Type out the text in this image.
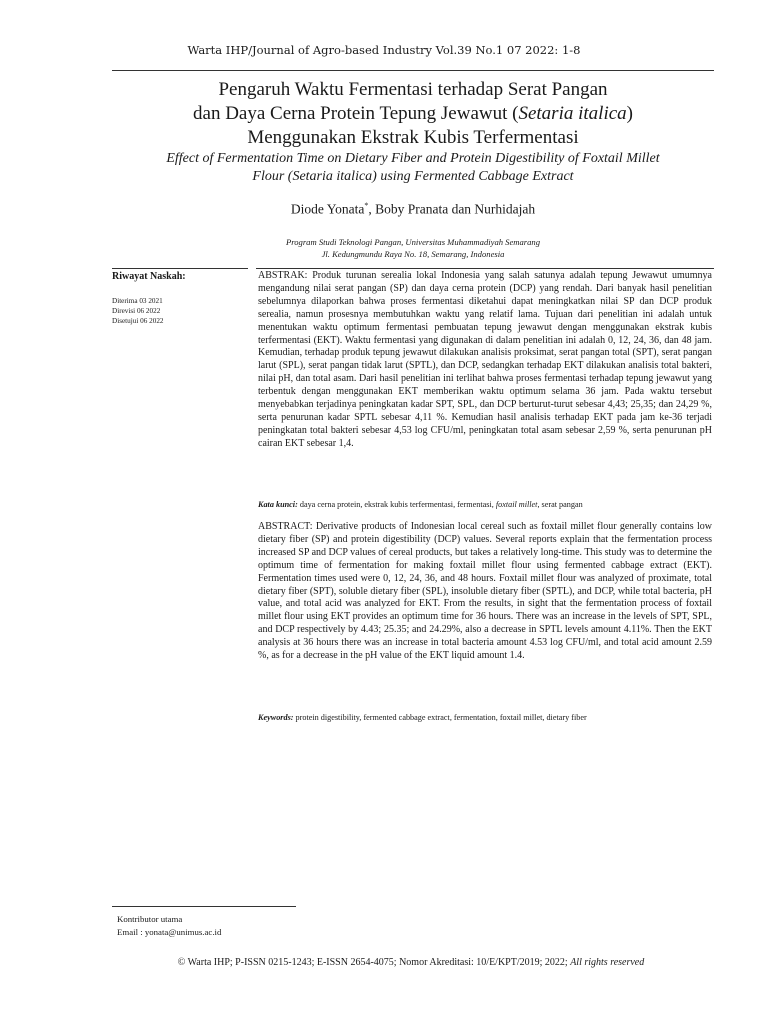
Warta IHP/Journal of Agro-based Industry Vol.39 No.1 07 2022: 1-8
Pengaruh Waktu Fermentasi terhadap Serat Pangan
dan Daya Cerna Protein Tepung Jewawut (Setaria italica)
Menggunakan Ekstrak Kubis Terfermentasi
Effect of Fermentation Time on Dietary Fiber and Protein Digestibility of Foxtail Millet
Flour (Setaria italica) using Fermented Cabbage Extract
Diode Yonata*, Boby Pranata dan Nurhidajah
Program Studi Teknologi Pangan, Universitas Muhammadiyah Semarang
Jl. Kedungmundu Raya No. 18, Semarang, Indonesia
Riwayat Naskah:
Diterima 03 2021
Direvisi 06 2022
Disetujui 06 2022
ABSTRAK: Produk turunan serealia lokal Indonesia yang salah satunya adalah tepung Jewawut umumnya mengandung nilai serat pangan (SP) dan daya cerna protein (DCP) yang rendah. Dari banyak hasil penelitian sebelumnya dilaporkan bahwa proses fermentasi diketahui dapat meningkatkan nilai SP dan DCP produk serealia, namun prosesnya membutuhkan waktu yang relatif lama. Tujuan dari penelitian ini adalah untuk menentukan waktu optimum fermentasi pembuatan tepung jewawut dengan menggunakan ekstrak kubis terfermentasi (EKT). Waktu fermentasi yang digunakan di dalam penelitian ini adalah 0, 12, 24, 36, dan 48 jam. Kemudian, terhadap produk tepung jewawut dilakukan analisis proksimat, serat pangan total (SPT), serat pangan larut (SPL), serat pangan tidak larut (SPTL), dan DCP, sedangkan terhadap EKT dilakukan analisis total bakteri, nilai pH, dan total asam. Dari hasil penelitian ini terlihat bahwa proses fermentasi terhadap tepung jewawut yang terbentuk dengan menggunakan EKT memberikan waktu optimum selama 36 jam. Pada waktu tersebut menyebabkan terjadinya peningkatan kadar SPT, SPL, dan DCP berturut-turut sebesar 4,43; 25,35; dan 24,29 %, serta penurunan kadar SPTL sebesar 4,11 %. Kemudian hasil analisis terhadap EKT pada jam ke-36 terjadi peningkatan total bakteri sebesar 4,53 log CFU/ml, peningkatan total asam sebesar 2,59 %, serta penurunan pH cairan EKT sebesar 1,4.
Kata kunci: daya cerna protein, ekstrak kubis terfermentasi, fermentasi, foxtail millet, serat pangan
ABSTRACT: Derivative products of Indonesian local cereal such as foxtail millet flour generally contains low dietary fiber (SP) and protein digestibility (DCP) values. Several reports explain that the fermentation process increased SP and DCP values of cereal products, but takes a relatively long-time. This study was to determine the optimum time of fermentation for making foxtail millet flour using fermented cabbage extract (EKT). Fermentation times used were 0, 12, 24, 36, and 48 hours. Foxtail millet flour was analyzed of proximate, total dietary fiber (SPT), soluble dietary fiber (SPL), insoluble dietary fiber (SPTL), and DCP, while total bacteria, pH value, and total acid was analyzed for EKT. From the results, in sight that the fermentation process of foxtail millet flour using EKT provides an optimum time for 36 hours. There was an increase in the levels of SPT, SPL, and DCP respectively by 4.43; 25.35; and 24.29%, also a decrease in SPTL levels amount 4.11%. Then the EKT analysis at 36 hours there was an increase in total bacteria amount 4.53 log CFU/ml, and total acid amount 2.59 %, as for a decrease in the pH value of the EKT liquid amount 1.4.
Keywords: protein digestibility, fermented cabbage extract, fermentation, foxtail millet, dietary fiber
Kontributor utama
Email : yonata@unimus.ac.id
© Warta IHP; P-ISSN 0215-1243; E-ISSN 2654-4075; Nomor Akreditasi: 10/E/KPT/2019; 2022; All rights reserved
